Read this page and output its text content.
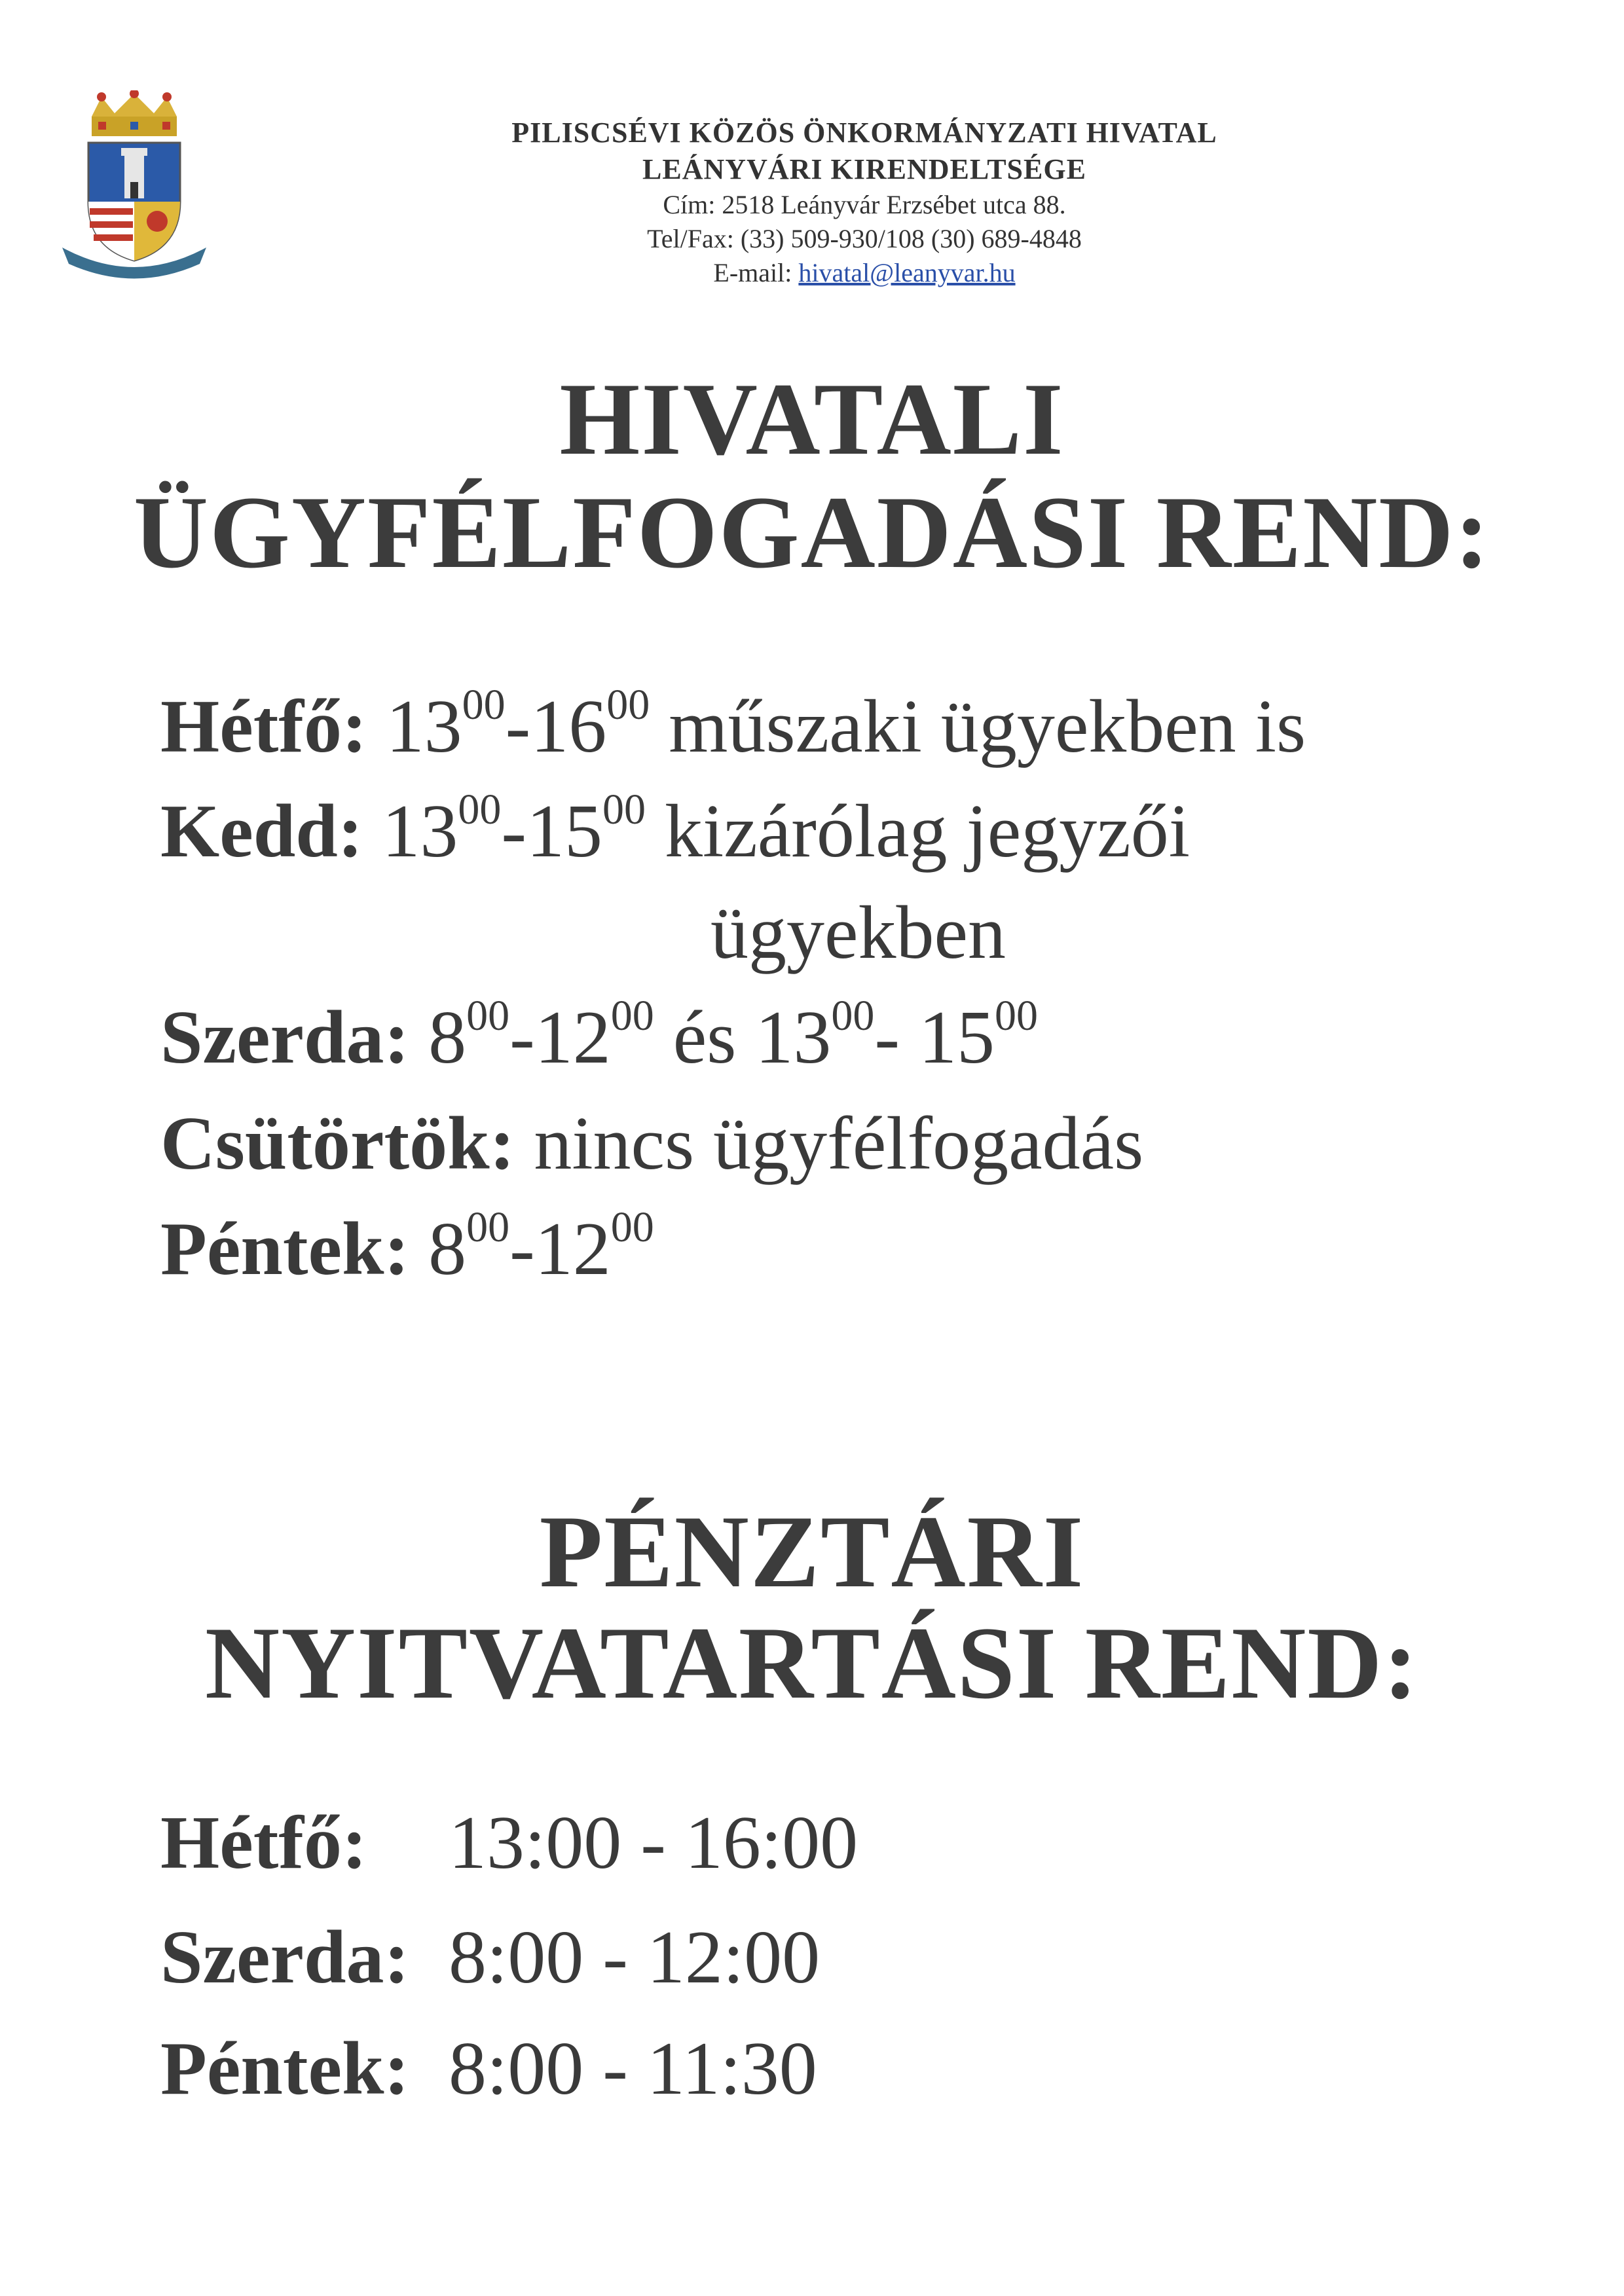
PILISCSÉVI KÖZÖS ÖNKORMÁNYZATI HIVATAL
LEÁNYVÁRI KIRENDELTSÉGE
Cím: 2518 Leányvár Erzsébet utca 88.
Tel/Fax: (33) 509-930/108 (30) 689-4848
E-mail: hivatal@leanyvar.hu
HIVATALI
ÜGYFÉLFOGADÁSI REND:
Hétfő: $13^{00}-16^{00}$ műszaki ügyekben is
Kedd: $13^{00}-15^{00}$ kizárólag jegyzői
ügyekben
Szerda: $8^{00}-12^{00}$ és $13^{00}-$ $15^{00}$
Csütörtök: nincs ügyfélfogadás
Péntek: $8^{00}-12^{00}$
PÉNZTÁRI
NYITVATARTÁSI REND:
Hétfő: 13:00 - 16:00
Szerda: 8:00 - 12:00
Péntek: 8:00 - 11:30
